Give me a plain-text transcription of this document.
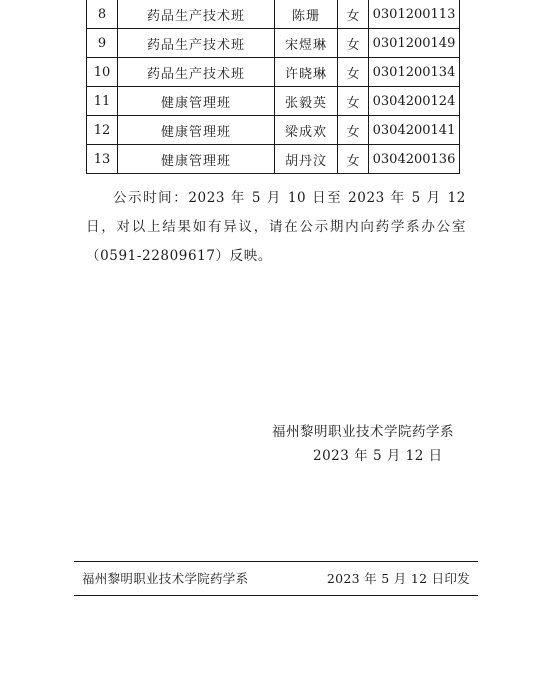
8	药品生产技术班	陈珊	女	0301200113
9	药品生产技术班	宋煜琳	女	0301200149
10	药品生产技术班	许晓琳	女	0301200134
11	健康管理班	张毅英	女	0304200124
12	健康管理班	梁成欢	女	0304200141
13	健康管理班	胡丹汶	女	0304200136

公示时间：2023 年 5 月 10 日至 2023 年 5 月 12 日，对以上结果如有异议，请在公示期内向药学系办公室（0591-22809617）反映。

福州黎明职业技术学院药学系
2023 年 5 月 12 日
福州黎明职业技术学院药学系	2023 年 5 月 12 日印发
